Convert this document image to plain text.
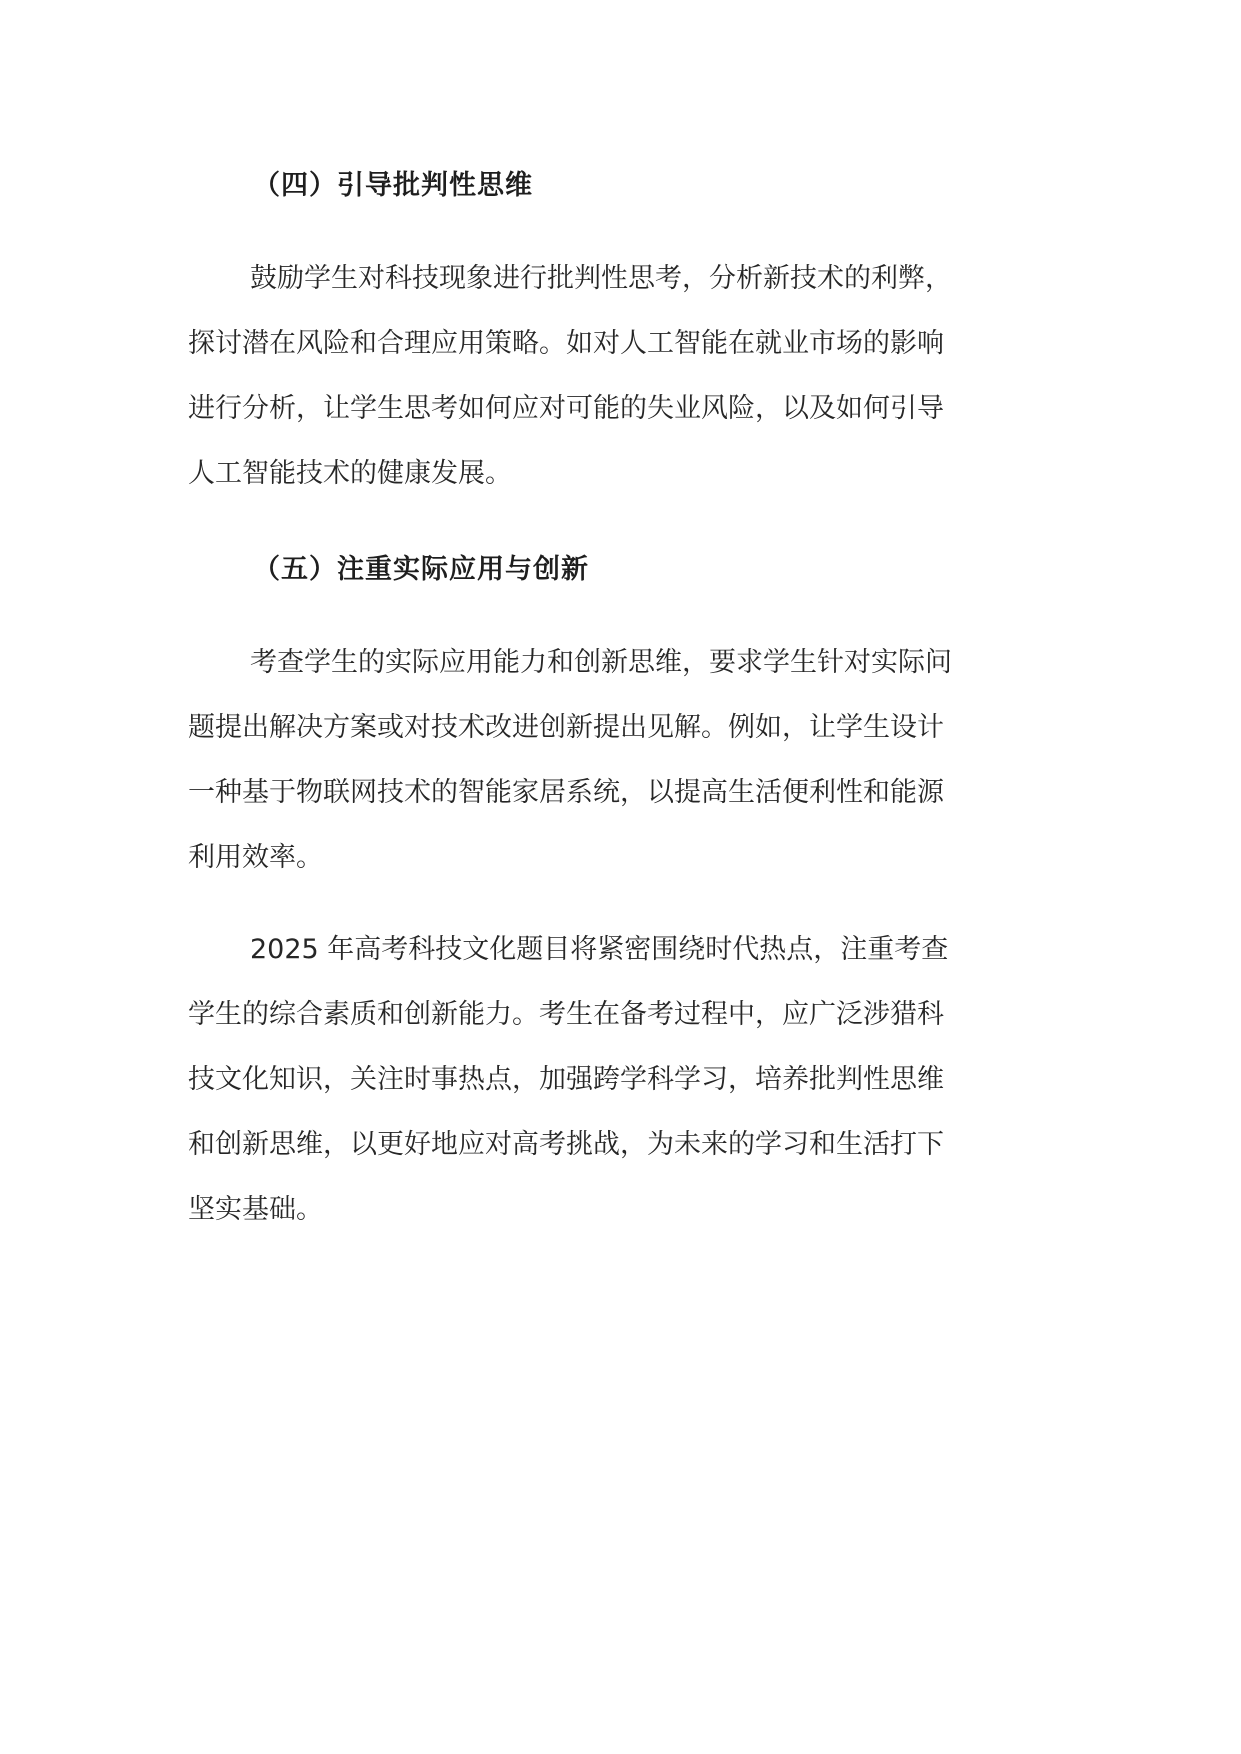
（四）引导批判性思维
鼓励学生对科技现象进行批判性思考，分析新技术的利弊，
探讨潜在风险和合理应用策略。如对人工智能在就业市场的影响
进行分析，让学生思考如何应对可能的失业风险，以及如何引导
人工智能技术的健康发展。
（五）注重实际应用与创新
考查学生的实际应用能力和创新思维，要求学生针对实际问
题提出解决方案或对技术改进创新提出见解。例如，让学生设计
一种基于物联网技术的智能家居系统，以提高生活便利性和能源
利用效率。
2025 年高考科技文化题目将紧密围绕时代热点，注重考查
学生的综合素质和创新能力。考生在备考过程中，应广泛涉猎科
技文化知识，关注时事热点，加强跨学科学习，培养批判性思维
和创新思维，以更好地应对高考挑战，为未来的学习和生活打下
坚实基础。
